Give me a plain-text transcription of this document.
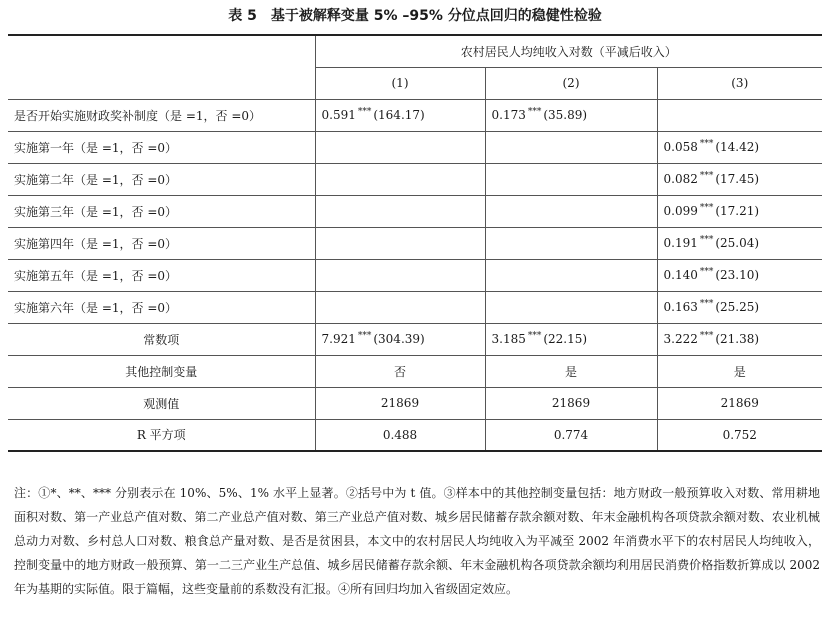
表 5 基于被解释变量 5% –95% 分位点回归的稳健性检验
	农村居民人均纯收入对数（平减后收入）		
	(1)	(2)	(3)
是否开始实施财政奖补制度（是 =1，否 =0）	0.591 *** (164.17)	0.173 *** (35.89)	
实施第一年（是 =1，否 =0）			0.058 *** (14.42)
实施第二年（是 =1，否 =0）			0.082 *** (17.45)
实施第三年（是 =1，否 =0）			0.099 *** (17.21)
实施第四年（是 =1，否 =0）			0.191 *** (25.04)
实施第五年（是 =1，否 =0）			0.140 *** (23.10)
实施第六年（是 =1，否 =0）			0.163 *** (25.25)
常数项	7.921 *** (304.39)	3.185 *** (22.15)	3.222 *** (21.38)
其他控制变量	否	是	是
观测值	21869	21869	21869
R 平方项	0.488	0.774	0.752
注：①*、**、*** 分别表示在 10%、5%、1% 水平上显著。②括号中为 t 值。③样本中的其他控制变量包括：地方财政一般预算收入对数、常用耕地面积对数、第一产业总产值对数、第二产业总产值对数、第三产业总产值对数、城乡居民储蓄存款余额对数、年末金融机构各项贷款余额对数、农业机械总动力对数、乡村总人口对数、粮食总产量对数、是否是贫困县，本文中的农村居民人均纯收入为平减至 2002 年消费水平下的农村居民人均纯收入，控制变量中的地方财政一般预算、第一二三产业生产总值、城乡居民储蓄存款余额、年末金融机构各项贷款余额均利用居民消费价格指数折算成以 2002 年为基期的实际值。限于篇幅，这些变量前的系数没有汇报。④所有回归均加入省级固定效应。
